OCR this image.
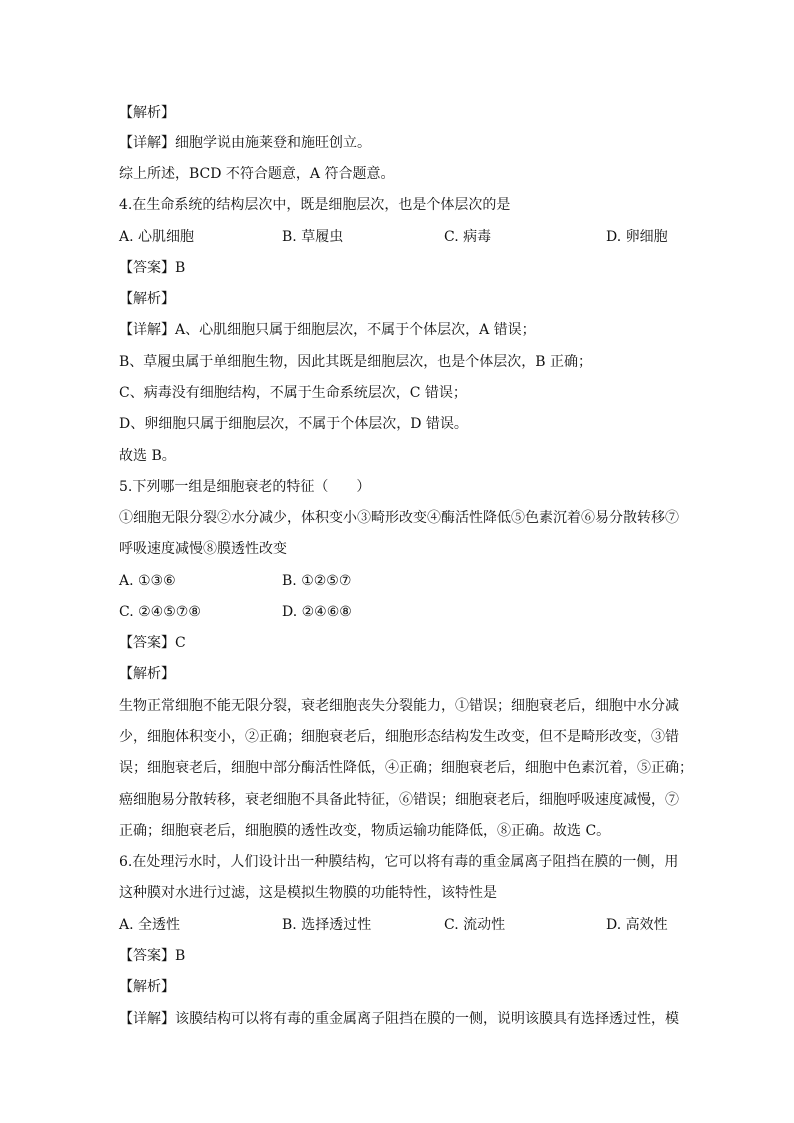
【解析】
【详解】细胞学说由施莱登和施旺创立。
综上所述，BCD 不符合题意，A 符合题意。
4.在生命系统的结构层次中，既是细胞层次，也是个体层次的是
A. 心肌细胞	B. 草履虫	C. 病毒	D. 卵细胞
【答案】B
【解析】
【详解】A、心肌细胞只属于细胞层次，不属于个体层次，A 错误；
B、草履虫属于单细胞生物，因此其既是细胞层次，也是个体层次，B 正确；
C、病毒没有细胞结构，不属于生命系统层次，C 错误；
D、卵细胞只属于细胞层次，不属于个体层次，D 错误。
故选 B。
5.下列哪一组是细胞衰老的特征（　　）
①细胞无限分裂②水分减少，体积变小③畸形改变④酶活性降低⑤色素沉着⑥易分散转移⑦
呼吸速度减慢⑧膜透性改变
A. ①③⑥	B. ①②⑤⑦
C. ②④⑤⑦⑧	D. ②④⑥⑧
【答案】C
【解析】
生物正常细胞不能无限分裂，衰老细胞丧失分裂能力，①错误；细胞衰老后，细胞中水分减
少，细胞体积变小，②正确；细胞衰老后，细胞形态结构发生改变，但不是畸形改变，③错
误；细胞衰老后，细胞中部分酶活性降低，④正确；细胞衰老后，细胞中色素沉着，⑤正确；
癌细胞易分散转移，衰老细胞不具备此特征，⑥错误；细胞衰老后，细胞呼吸速度减慢，⑦
正确；细胞衰老后，细胞膜的透性改变，物质运输功能降低，⑧正确。故选 C。
6.在处理污水时，人们设计出一种膜结构，它可以将有毒的重金属离子阻挡在膜的一侧，用
这种膜对水进行过滤，这是模拟生物膜的功能特性，该特性是
A. 全透性	B. 选择透过性	C. 流动性	D. 高效性
【答案】B
【解析】
【详解】该膜结构可以将有毒的重金属离子阻挡在膜的一侧，说明该膜具有选择透过性，模
